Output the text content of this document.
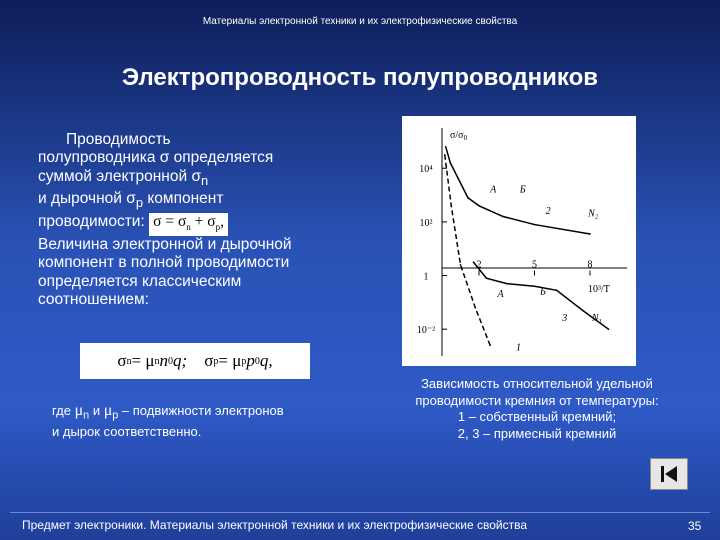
Материалы электронной техники и их электрофизические свойства
Электропроводность полупроводников
Проводимость
полупроводника σ определяется
суммой электронной $\sigma_n$
и дырочной $\sigma_p$ компонент
проводимости: $\sigma = \sigma_n + \sigma_p$,
Величина электронной и дырочной
компонент в полной проводимости
определяется классическим
соотношением:
σ n = μ n n 0 q;
σ p = μ p p 0 q,
где $\mu_n$ и $\mu_p$ – подвижности электронов
и дырок соответственно.
$\sigma/\sigma_0$
10³/T
10⁴
10²
1
10⁻²
2	5	8
A Б
2	N₂
A	Б
3 N₁
1
Зависимость относительной удельной
проводимости кремния от температуры:
1 – собственный кремний;
2, 3 – примесный кремний
Предмет электроники. Материалы электронной техники и их электрофизические свойства	35
